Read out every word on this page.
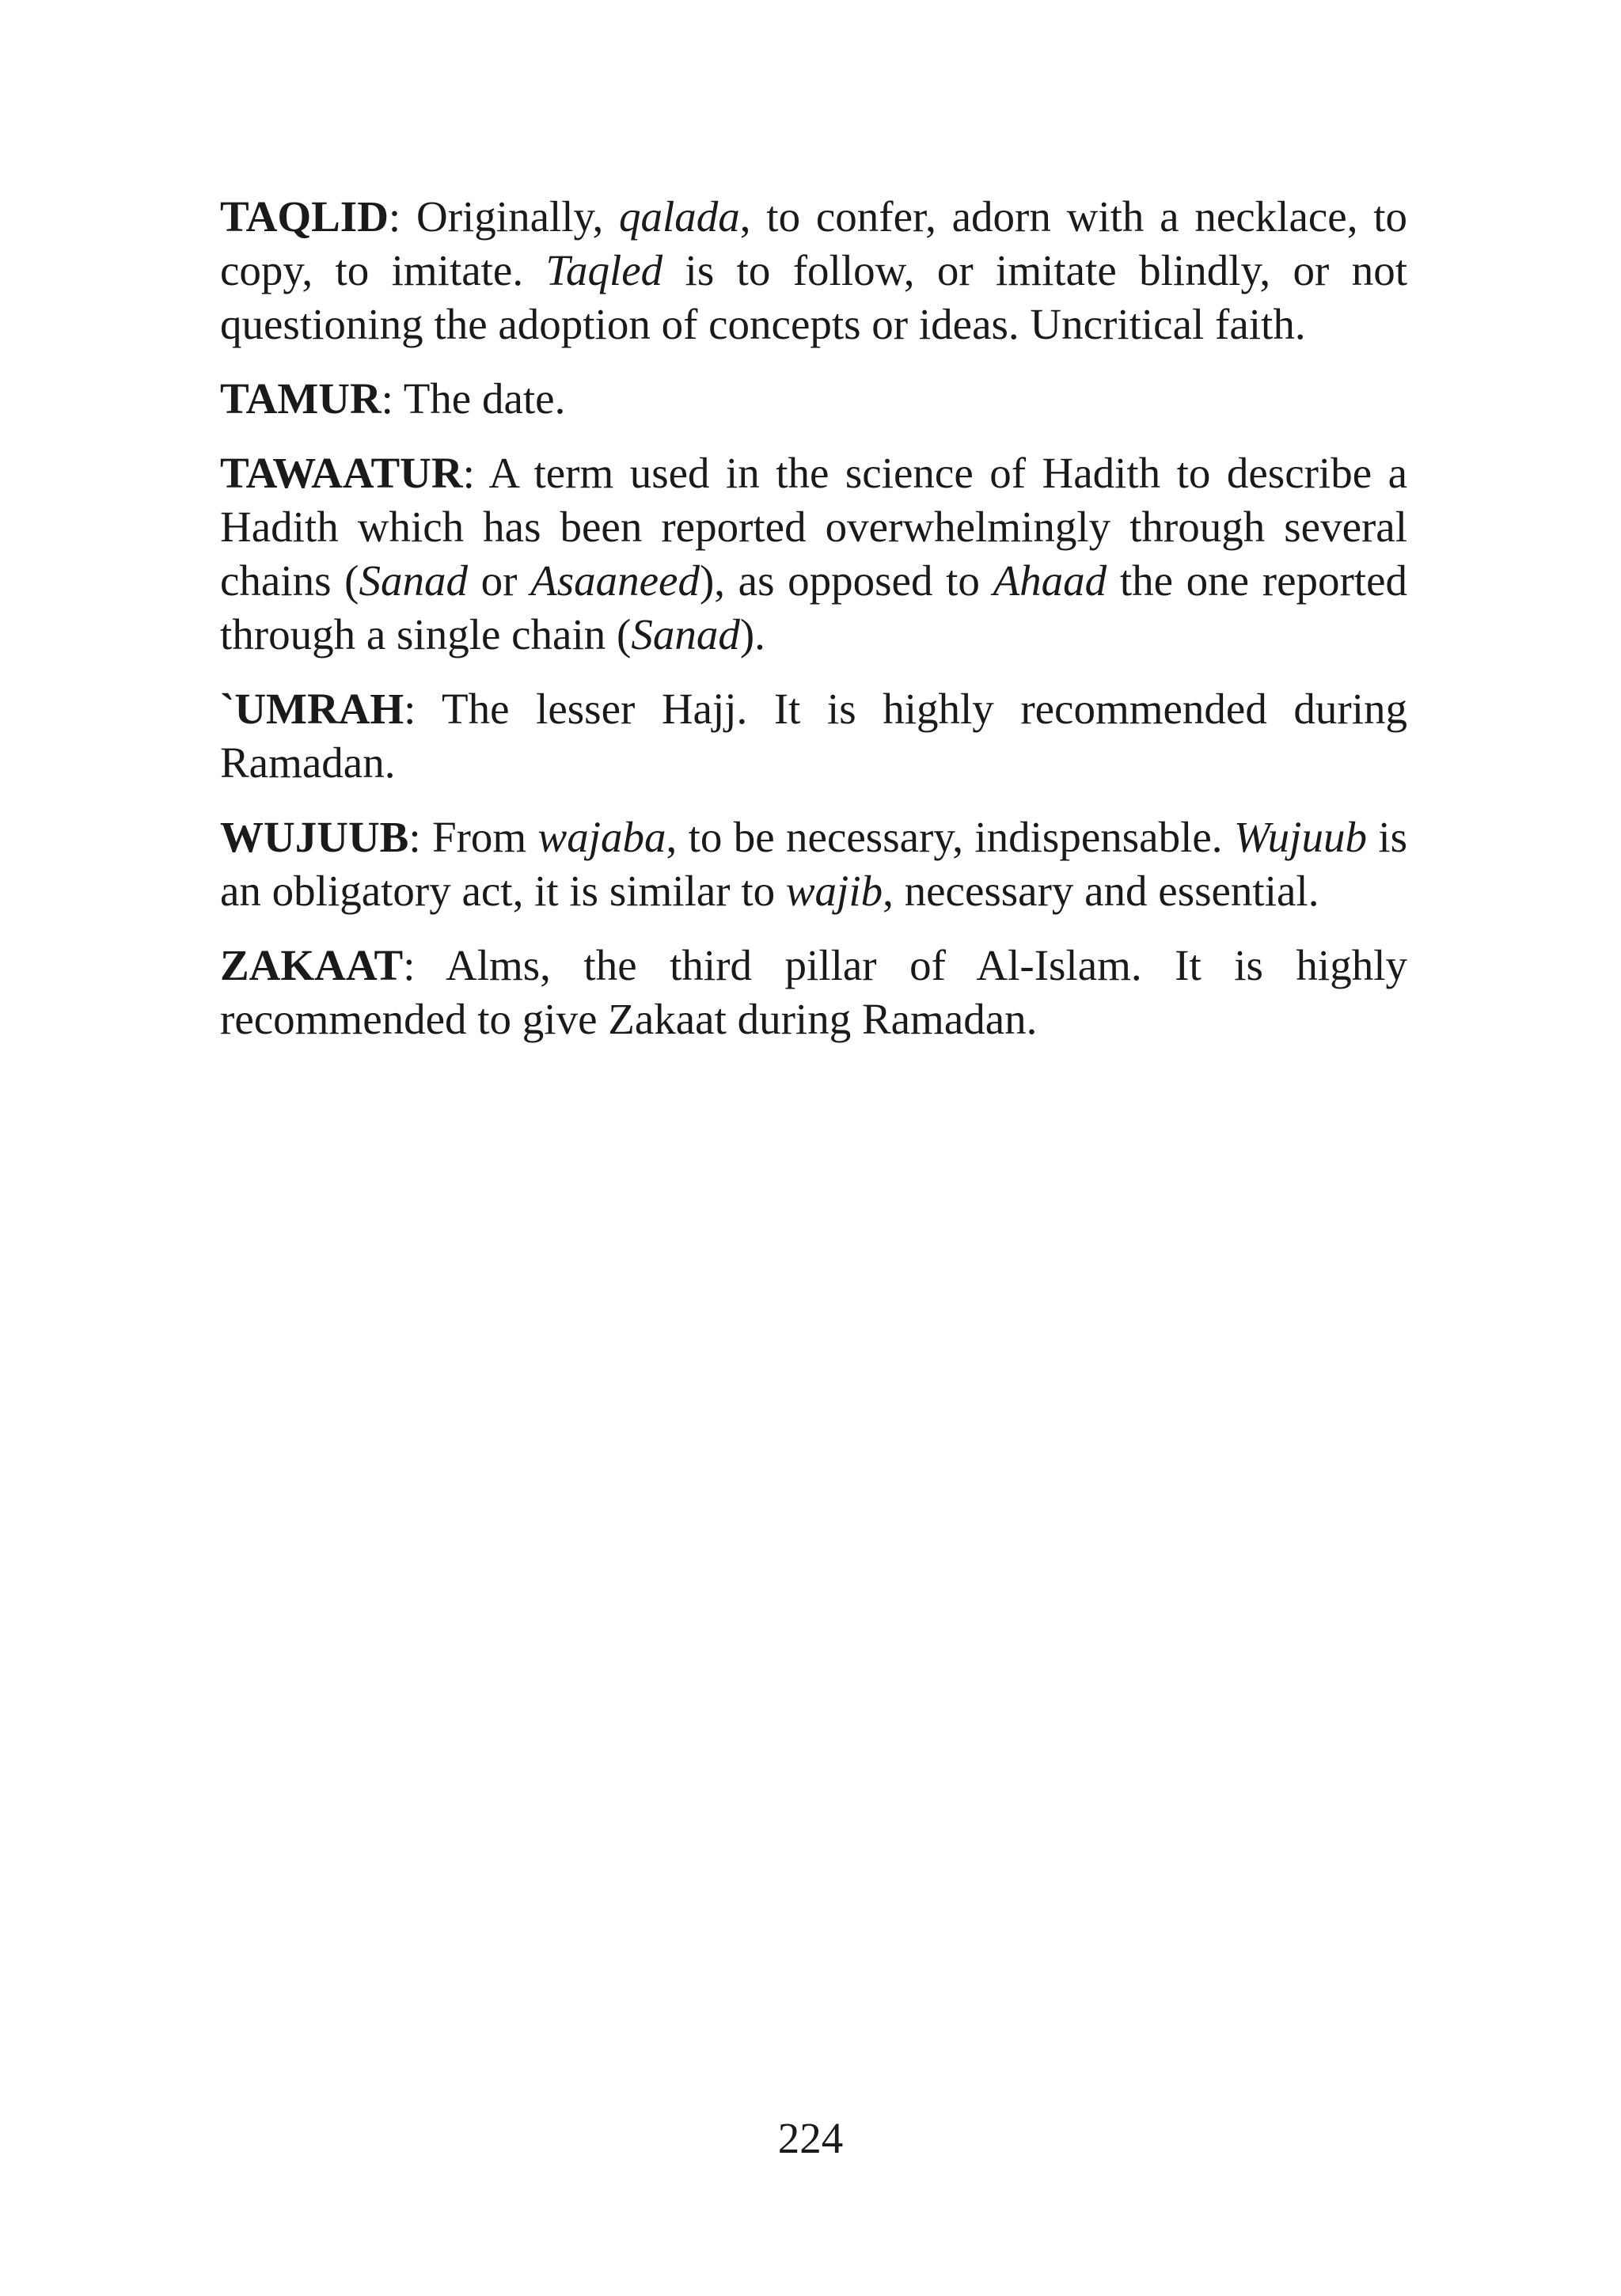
TAQLID: Originally, qalada, to confer, adorn with a necklace, to copy, to imitate. Taqled is to follow, or imitate blindly, or not questioning the adoption of concepts or ideas. Uncritical faith.

TAMUR: The date.

TAWAATUR: A term used in the science of Hadith to describe a Hadith which has been reported overwhelmingly through several chains (Sanad or Asaaneed), as opposed to Ahaad the one reported through a single chain (Sanad).

`UMRAH: The lesser Hajj. It is highly recommended during Ramadan.

WUJUUB: From wajaba, to be necessary, indispensable. Wujuub is an obligatory act, it is similar to wajib, necessary and essential.

ZAKAAT: Alms, the third pillar of Al-Islam. It is highly recommended to give Zakaat during Ramadan.

224
